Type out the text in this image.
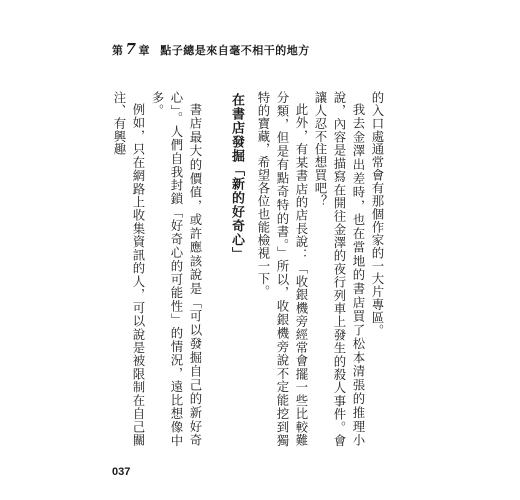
第 7 章 點子總是來自毫不相干的地方

的入口處通常會有那個作家的一大片專區。

我去金澤出差時，也在當地的書店買了松本清張的推理小說，內容是描寫在開往金澤的夜行列車上發生的殺人事件。會讓人忍不住想買吧？

此外，有某書店的店長說：「收銀機旁經常會擺一些比較難分類，但是有點奇特的書。」所以，收銀機旁說不定能挖到獨特的寶藏，希望各位也能檢視一下。

在書店發掘「新的好奇心」

書店最大的價值，或許應該說是「可以發掘自己的新好奇心」。人們自我封鎖「好奇心的可能性」的情況，遠比想像中多。

例如，只在網路上收集資訊的人，可以說是被限制在自己關注、有興趣

037
